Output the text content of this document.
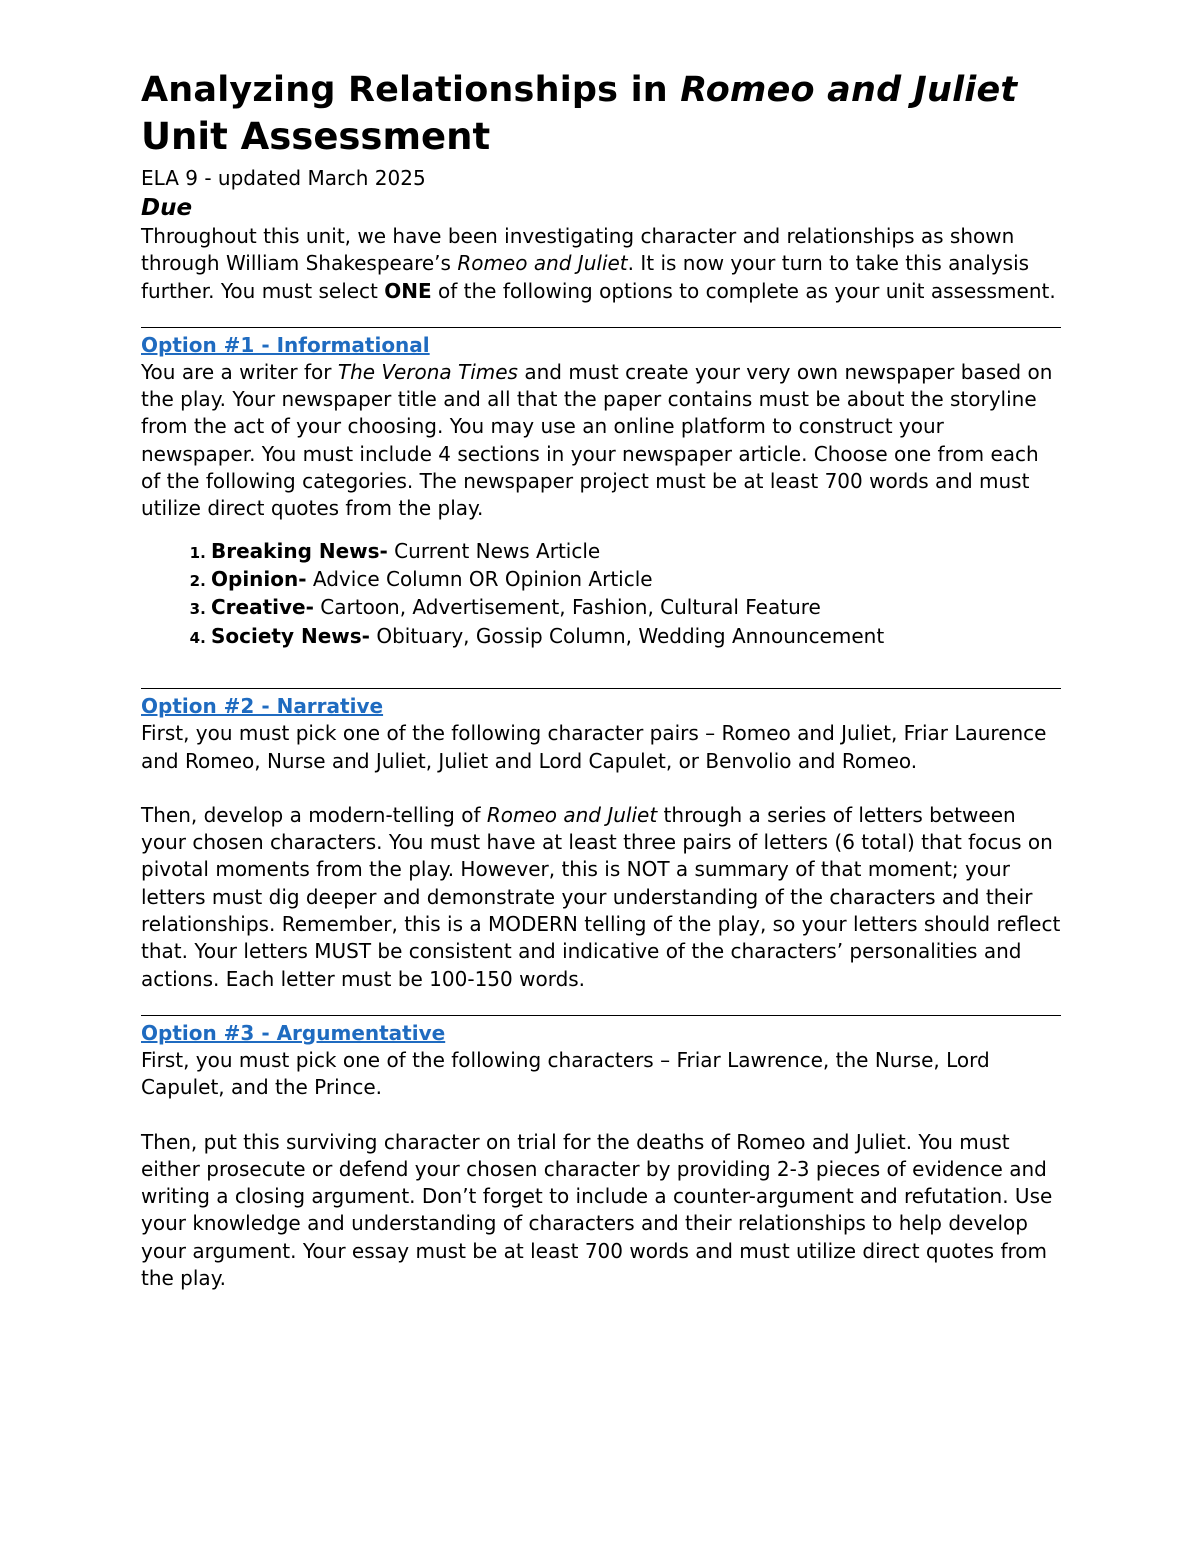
Analyzing Relationships in Romeo and Juliet
Unit Assessment
ELA 9 - updated March 2025
Due

Throughout this unit, we have been investigating character and relationships as shown through William Shakespeare’s Romeo and Juliet. It is now your turn to take this analysis further. You must select ONE of the following options to complete as your unit assessment.

Option #1 - Informational

You are a writer for The Verona Times and must create your very own newspaper based on the play. Your newspaper title and all that the paper contains must be about the storyline from the act of your choosing. You may use an online platform to construct your newspaper. You must include 4 sections in your newspaper article. Choose one from each of the following categories. The newspaper project must be at least 700 words and must utilize direct quotes from the play.

1. Breaking News- Current News Article
2. Opinion- Advice Column OR Opinion Article
3. Creative- Cartoon, Advertisement, Fashion, Cultural Feature
4. Society News- Obituary, Gossip Column, Wedding Announcement
Option #2 - Narrative

First, you must pick one of the following character pairs – Romeo and Juliet, Friar Laurence and Romeo, Nurse and Juliet, Juliet and Lord Capulet, or Benvolio and Romeo.

Then, develop a modern-telling of Romeo and Juliet through a series of letters between your chosen characters. You must have at least three pairs of letters (6 total) that focus on pivotal moments from the play. However, this is NOT a summary of that moment; your letters must dig deeper and demonstrate your understanding of the characters and their relationships. Remember, this is a MODERN telling of the play, so your letters should reflect that. Your letters MUST be consistent and indicative of the characters’ personalities and actions. Each letter must be 100-150 words.

Option #3 - Argumentative

First, you must pick one of the following characters – Friar Lawrence, the Nurse, Lord Capulet, and the Prince.

Then, put this surviving character on trial for the deaths of Romeo and Juliet. You must either prosecute or defend your chosen character by providing 2-3 pieces of evidence and writing a closing argument. Don’t forget to include a counter-argument and refutation. Use your knowledge and understanding of characters and their relationships to help develop your argument. Your essay must be at least 700 words and must utilize direct quotes from the play.
